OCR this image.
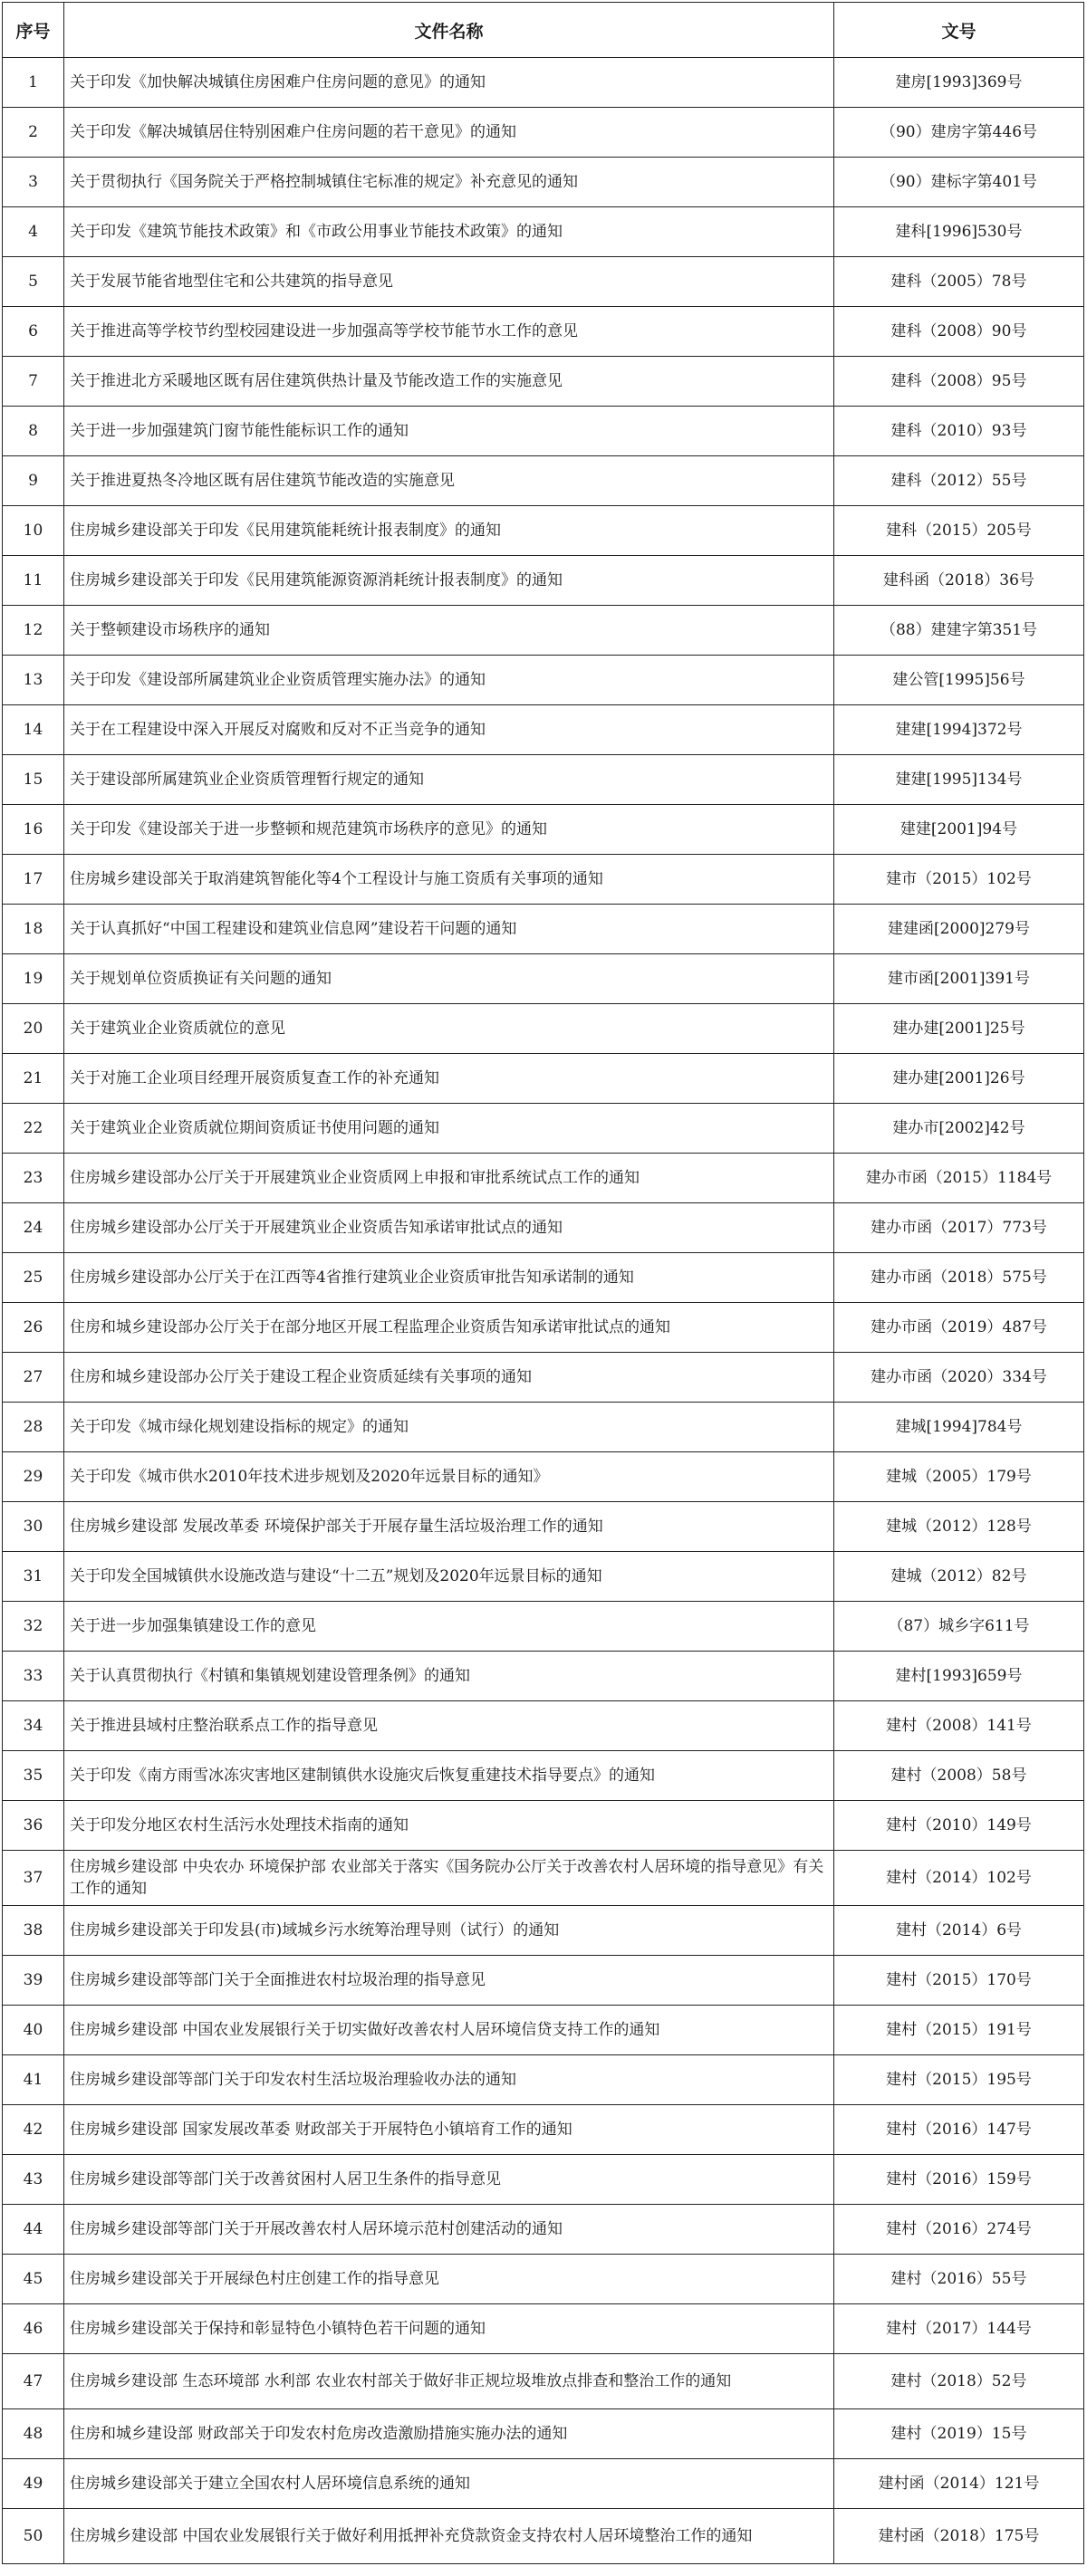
序号	文件名称	文号
1	关于印发《加快解决城镇住房困难户住房问题的意见》的通知	建房[1993]369号
2	关于印发《解决城镇居住特别困难户住房问题的若干意见》的通知	（90）建房字第446号
3	关于贯彻执行《国务院关于严格控制城镇住宅标准的规定》补充意见的通知	（90）建标字第401号
4	关于印发《建筑节能技术政策》和《市政公用事业节能技术政策》的通知	建科[1996]530号
5	关于发展节能省地型住宅和公共建筑的指导意见	建科（2005）78号
6	关于推进高等学校节约型校园建设进一步加强高等学校节能节水工作的意见	建科（2008）90号
7	关于推进北方采暖地区既有居住建筑供热计量及节能改造工作的实施意见	建科（2008）95号
8	关于进一步加强建筑门窗节能性能标识工作的通知	建科（2010）93号
9	关于推进夏热冬冷地区既有居住建筑节能改造的实施意见	建科（2012）55号
10	住房城乡建设部关于印发《民用建筑能耗统计报表制度》的通知	建科（2015）205号
11	住房城乡建设部关于印发《民用建筑能源资源消耗统计报表制度》的通知	建科函（2018）36号
12	关于整顿建设市场秩序的通知	（88）建建字第351号
13	关于印发《建设部所属建筑业企业资质管理实施办法》的通知	建公管[1995]56号
14	关于在工程建设中深入开展反对腐败和反对不正当竞争的通知	建建[1994]372号
15	关于建设部所属建筑业企业资质管理暂行规定的通知	建建[1995]134号
16	关于印发《建设部关于进一步整顿和规范建筑市场秩序的意见》的通知	建建[2001]94号
17	住房城乡建设部关于取消建筑智能化等4个工程设计与施工资质有关事项的通知	建市（2015）102号
18	关于认真抓好“中国工程建设和建筑业信息网”建设若干问题的通知	建建函[2000]279号
19	关于规划单位资质换证有关问题的通知	建市函[2001]391号
20	关于建筑业企业资质就位的意见	建办建[2001]25号
21	关于对施工企业项目经理开展资质复查工作的补充通知	建办建[2001]26号
22	关于建筑业企业资质就位期间资质证书使用问题的通知	建办市[2002]42号
23	住房城乡建设部办公厅关于开展建筑业企业资质网上申报和审批系统试点工作的通知	建办市函（2015）1184号
24	住房城乡建设部办公厅关于开展建筑业企业资质告知承诺审批试点的通知	建办市函（2017）773号
25	住房城乡建设部办公厅关于在江西等4省推行建筑业企业资质审批告知承诺制的通知	建办市函（2018）575号
26	住房和城乡建设部办公厅关于在部分地区开展工程监理企业资质告知承诺审批试点的通知	建办市函（2019）487号
27	住房和城乡建设部办公厅关于建设工程企业资质延续有关事项的通知	建办市函（2020）334号
28	关于印发《城市绿化规划建设指标的规定》的通知	建城[1994]784号
29	关于印发《城市供水2010年技术进步规划及2020年远景目标的通知》	建城（2005）179号
30	住房城乡建设部 发展改革委 环境保护部关于开展存量生活垃圾治理工作的通知	建城（2012）128号
31	关于印发全国城镇供水设施改造与建设“十二五”规划及2020年远景目标的通知	建城（2012）82号
32	关于进一步加强集镇建设工作的意见	（87）城乡字611号
33	关于认真贯彻执行《村镇和集镇规划建设管理条例》的通知	建村[1993]659号
34	关于推进县域村庄整治联系点工作的指导意见	建村（2008）141号
35	关于印发《南方雨雪冰冻灾害地区建制镇供水设施灾后恢复重建技术指导要点》的通知	建村（2008）58号
36	关于印发分地区农村生活污水处理技术指南的通知	建村（2010）149号
37	住房城乡建设部 中央农办 环境保护部 农业部关于落实《国务院办公厅关于改善农村人居环境的指导意见》有关工作的通知	建村（2014）102号
38	住房城乡建设部关于印发县(市)域城乡污水统筹治理导则（试行）的通知	建村（2014）6号
39	住房城乡建设部等部门关于全面推进农村垃圾治理的指导意见	建村（2015）170号
40	住房城乡建设部 中国农业发展银行关于切实做好改善农村人居环境信贷支持工作的通知	建村（2015）191号
41	住房城乡建设部等部门关于印发农村生活垃圾治理验收办法的通知	建村（2015）195号
42	住房城乡建设部 国家发展改革委 财政部关于开展特色小镇培育工作的通知	建村（2016）147号
43	住房城乡建设部等部门关于改善贫困村人居卫生条件的指导意见	建村（2016）159号
44	住房城乡建设部等部门关于开展改善农村人居环境示范村创建活动的通知	建村（2016）274号
45	住房城乡建设部关于开展绿色村庄创建工作的指导意见	建村（2016）55号
46	住房城乡建设部关于保持和彰显特色小镇特色若干问题的通知	建村（2017）144号
47	住房城乡建设部 生态环境部 水利部 农业农村部关于做好非正规垃圾堆放点排查和整治工作的通知	建村（2018）52号
48	住房和城乡建设部 财政部关于印发农村危房改造激励措施实施办法的通知	建村（2019）15号
49	住房城乡建设部关于建立全国农村人居环境信息系统的通知	建村函（2014）121号
50	住房城乡建设部 中国农业发展银行关于做好利用抵押补充贷款资金支持农村人居环境整治工作的通知	建村函（2018）175号
